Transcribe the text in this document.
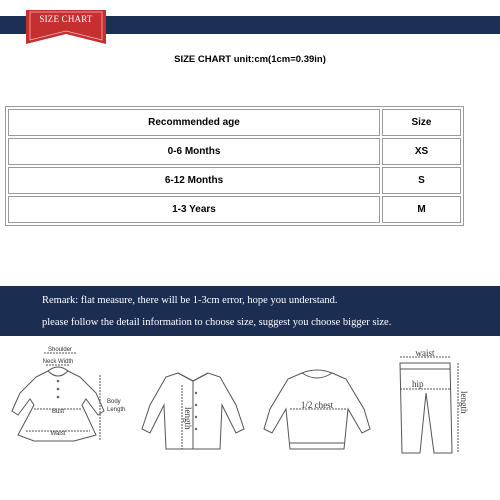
SIZE CHART
SIZE CHART unit:cm(1cm=0.39in)
Recommended age	Size
0-6 Months	XS
6-12 Months	S
1-3 Years	M

Remark: flat measure, there will be 1-3cm error, hope you understand.

please follow the detail information to choose size, suggest you choose bigger size.

Shoulder
Neck Width
Bust
Waist
Body
Length	length
1/2 chest
waist
hip
length
